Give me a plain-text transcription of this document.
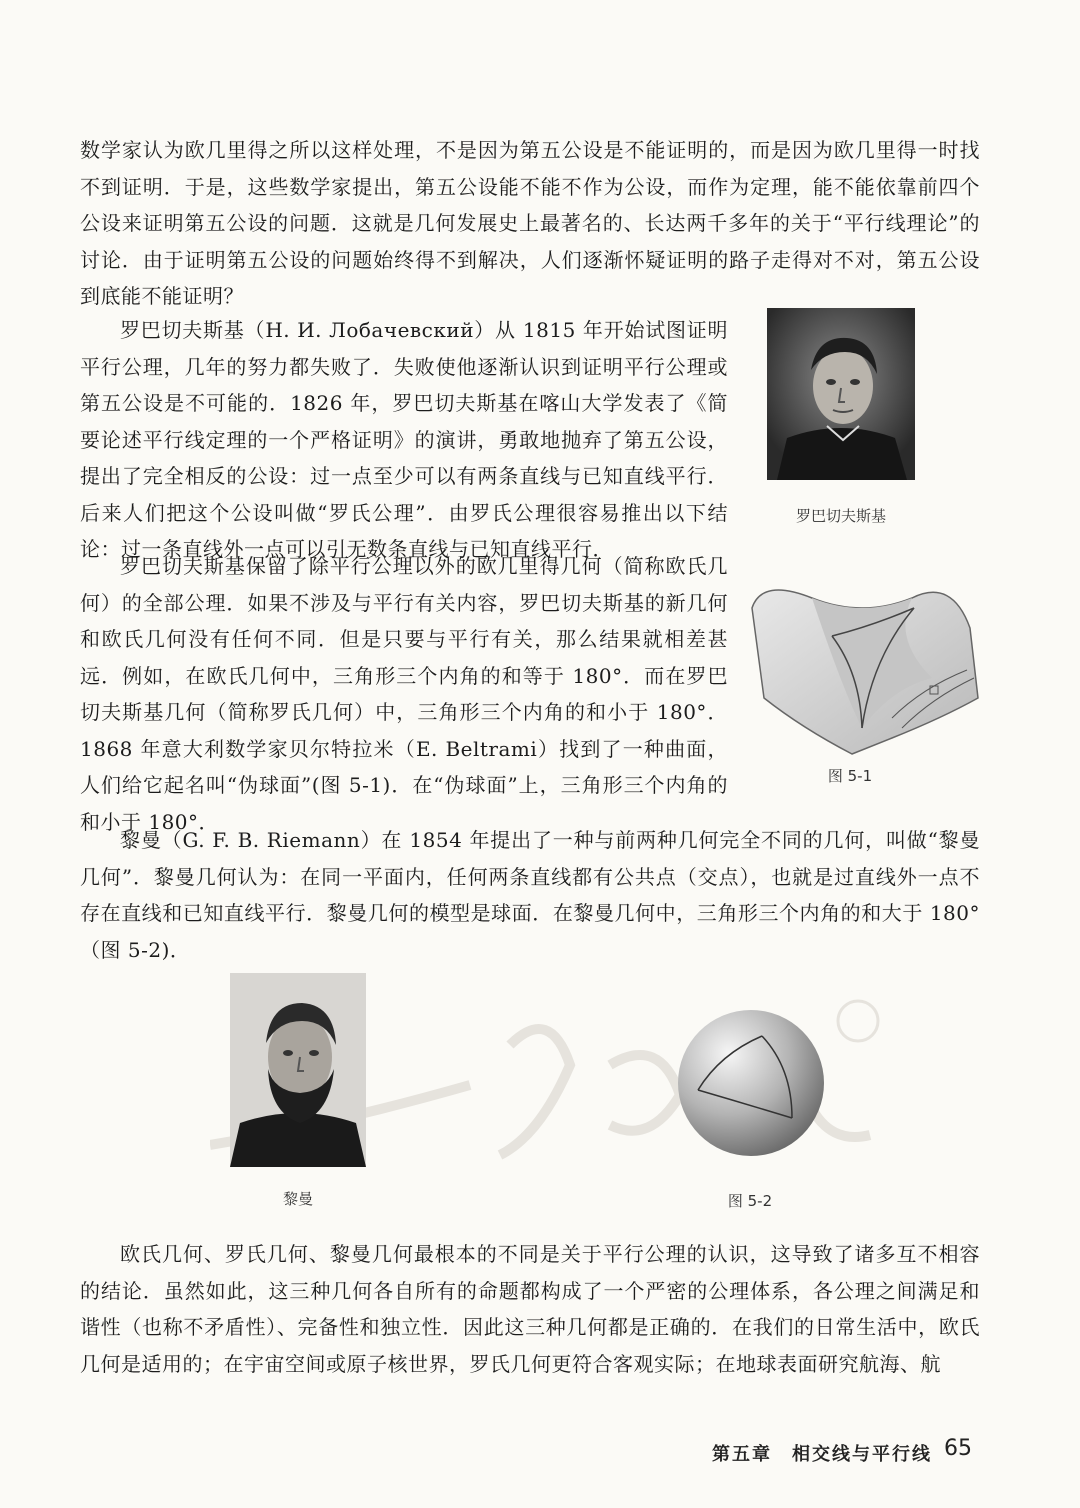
数学家认为欧几里得之所以这样处理，不是因为第五公设是不能证明的，而是因为欧几里得一时找不到证明．于是，这些数学家提出，第五公设能不能不作为公设，而作为定理，能不能依靠前四个公设来证明第五公设的问题．这就是几何发展史上最著名的、长达两千多年的关于“平行线理论”的讨论．由于证明第五公设的问题始终得不到解决，人们逐渐怀疑证明的路子走得对不对，第五公设到底能不能证明？

罗巴切夫斯基（Н. И. Лобачевский）从 1815 年开始试图证明平行公理，几年的努力都失败了．失败使他逐渐认识到证明平行公理或第五公设是不可能的．1826 年，罗巴切夫斯基在喀山大学发表了《简要论述平行线定理的一个严格证明》的演讲，勇敢地抛弃了第五公设，提出了完全相反的公设：过一点至少可以有两条直线与已知直线平行．后来人们把这个公设叫做“罗氏公理”．由罗氏公理很容易推出以下结论：过一条直线外一点可以引无数条直线与已知直线平行．

罗巴切夫斯基

罗巴切夫斯基保留了除平行公理以外的欧几里得几何（简称欧氏几何）的全部公理．如果不涉及与平行有关内容，罗巴切夫斯基的新几何和欧氏几何没有任何不同．但是只要与平行有关，那么结果就相差甚远．例如，在欧氏几何中，三角形三个内角的和等于 180°．而在罗巴切夫斯基几何（简称罗氏几何）中，三角形三个内角的和小于 180°．1868 年意大利数学家贝尔特拉米（E. Beltrami）找到了一种曲面，人们给它起名叫“伪球面”(图 5-1)．在“伪球面”上，三角形三个内角的和小于 180°．

图 5-1

黎曼（G. F. B. Riemann）在 1854 年提出了一种与前两种几何完全不同的几何，叫做“黎曼几何”．黎曼几何认为：在同一平面内，任何两条直线都有公共点（交点），也就是过直线外一点不存在直线和已知直线平行．黎曼几何的模型是球面．在黎曼几何中，三角形三个内角的和大于 180°（图 5-2)．

黎曼	图 5-2

欧氏几何、罗氏几何、黎曼几何最根本的不同是关于平行公理的认识，这导致了诸多互不相容的结论．虽然如此，这三种几何各自所有的命题都构成了一个严密的公理体系，各公理之间满足和谐性（也称不矛盾性）、完备性和独立性．因此这三种几何都是正确的．在我们的日常生活中，欧氏几何是适用的；在宇宙空间或原子核世界，罗氏几何更符合客观实际；在地球表面研究航海、航

第五章　相交线与平行线 65
